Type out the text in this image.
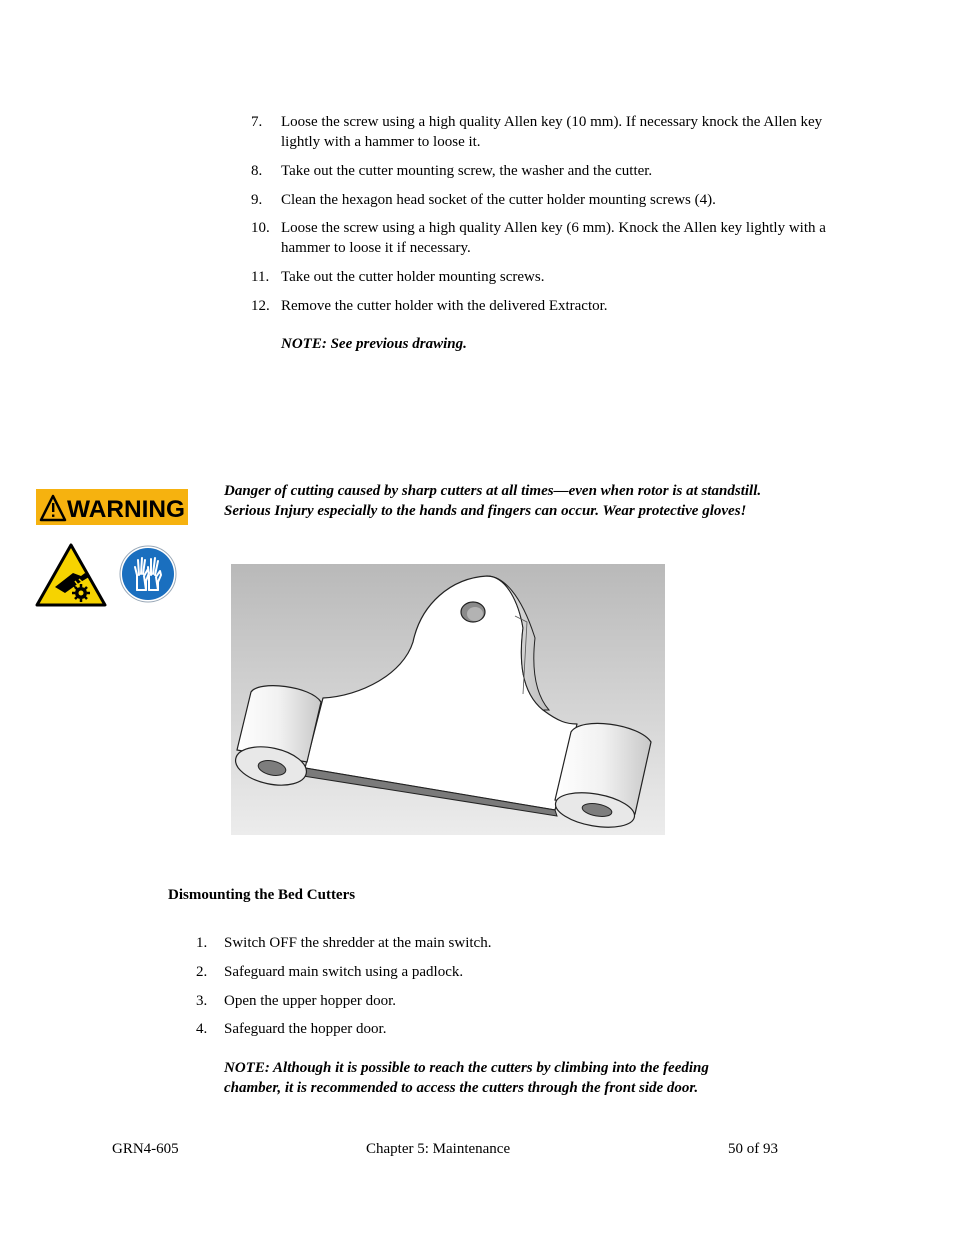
7.	Loose the screw using a high quality Allen key (10 mm). If necessary knock the Allen key lightly with a hammer to loose it.
8.	Take out the cutter mounting screw, the washer and the cutter.
9.	Clean the hexagon head socket of the cutter holder mounting screws (4).
10. Loose the screw using a high quality Allen key (6 mm). Knock the Allen key lightly with a hammer to loose it if necessary.
11. Take out the cutter holder mounting screws.
12. Remove the cutter holder with the delivered Extractor.
NOTE: See previous drawing.
WARNING
Danger of cutting caused by sharp cutters at all times—even when rotor is at standstill.
Serious Injury especially to the hands and fingers can occur. Wear protective gloves!
Dismounting the Bed Cutters
1.	Switch OFF the shredder at the main switch.
2.	Safeguard main switch using a padlock.
3.	Open the upper hopper door.
4.	Safeguard the hopper door.
NOTE: Although it is possible to reach the cutters by climbing into the feeding
chamber, it is recommended to access the cutters through the front side door.
GRN4-605	Chapter 5: Maintenance	50 of 93
